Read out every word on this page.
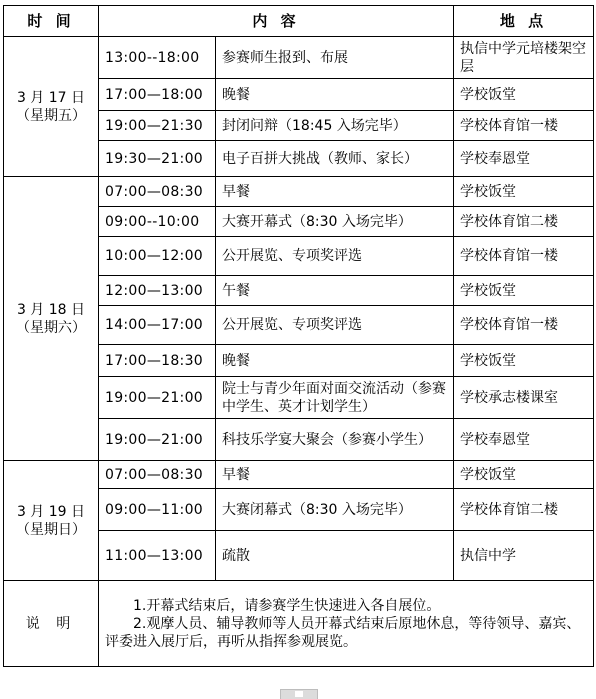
时 间	内 容		地 点

3 月 17 日
（星期五）	13:00--18:00	参赛师生报到、布展	执信中学元培楼架空层
	17:00—18:00	晚餐	学校饭堂
	19:00—21:30	封闭问辩（18:45 入场完毕）	学校体育馆一楼
	19:30—21:00	电子百拼大挑战（教师、家长）	学校奉恩堂

3 月 18 日
（星期六）	07:00—08:30	早餐	学校饭堂
	09:00--10:00	大赛开幕式（8:30 入场完毕）	学校体育馆二楼
	10:00—12:00	公开展览、专项奖评选	学校体育馆一楼
	12:00—13:00	午餐	学校饭堂
	14:00—17:00	公开展览、专项奖评选	学校体育馆一楼
	17:00—18:30	晚餐	学校饭堂
	19:00—21:00	院士与青少年面对面交流活动（参赛中学生、英才计划学生）	学校承志楼课室
	19:00—21:00	科技乐学宴大聚会（参赛小学生）	学校奉恩堂

3 月 19 日
（星期日）	07:00—08:30	早餐	学校饭堂
	09:00—11:00	大赛闭幕式（8:30 入场完毕）	学校体育馆二楼
	11:00—13:00	疏散	执信中学
说 明	1.开幕式结束后，请参赛学生快速进入各自展位。
2.观摩人员、辅导教师等人员开幕式结束后原地休息，等待领导、嘉宾、评委进入展厅后，再听从指挥参观展览。		
